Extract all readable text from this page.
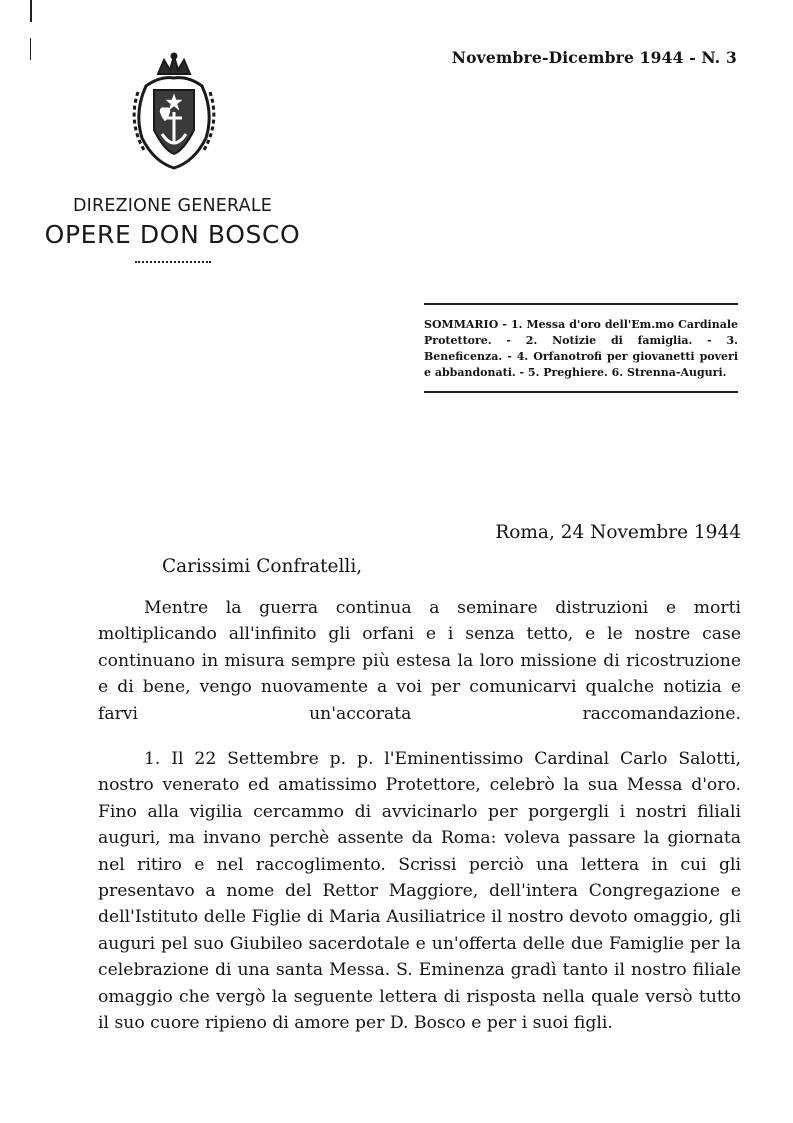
Novembre-Dicembre 1944 - N. 3
DIREZIONE GENERALE
OPERE DON BOSCO

SOMMARIO - 1. Messa d'oro dell'Em.mo Cardinale Protettore. - 2. Notizie di famiglia. - 3. Beneficenza. - 4. Orfanotrofi per giovanetti poveri e abbandonati. - 5. Preghiere. 6. Strenna-Auguri.

Roma, 24 Novembre 1944
Carissimi Confratelli,

Mentre la guerra continua a seminare distruzioni e morti moltiplicando all'infinito gli orfani e i senza tetto, e le nostre case continuano in misura sempre più estesa la loro missione di ricostruzione e di bene, vengo nuovamente a voi per comunicarvi qualche notizia e farvi un'accorata raccomandazione.

1. Il 22 Settembre p. p. l'Eminentissimo Cardinal Carlo Salotti, nostro venerato ed amatissimo Protettore, celebrò la sua Messa d'oro. Fino alla vigilia cercammo di avvicinarlo per porgergli i nostri filiali auguri, ma invano perchè assente da Roma: voleva passare la giornata nel ritiro e nel raccoglimento. Scrissi perciò una lettera in cui gli presentavo a nome del Rettor Maggiore, dell'intera Congregazione e dell'Istituto delle Figlie di Maria Ausiliatrice il nostro devoto omaggio, gli auguri pel suo Giubileo sacerdotale e un'offerta delle due Famiglie per la celebrazione di una santa Messa. S. Eminenza gradì tanto il nostro filiale omaggio che vergò la seguente lettera di risposta nella quale versò tutto il suo cuore ripieno di amore per D. Bosco e per i suoi figli.
